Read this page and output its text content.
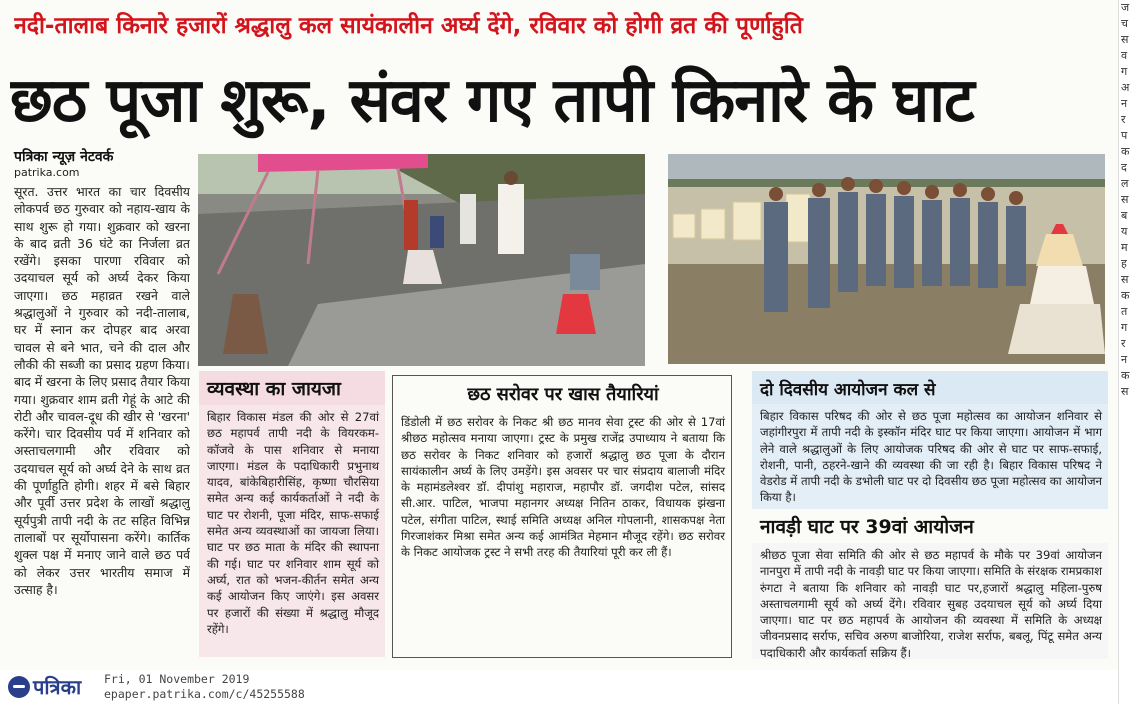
नदी-तालाब किनारे हजारों श्रद्धालु कल सायंकालीन अर्घ्य देंगे, रविवार को होगी व्रत की पूर्णाहुति
छठ पूजा शुरू, संवर गए तापी किनारे के घाट
पत्रिका न्यूज़ नेटवर्क
patrika.com
सूरत. उत्तर भारत का चार दिवसीय लोकपर्व छठ गुरुवार को नहाय-खाय के साथ शुरू हो गया। शुक्रवार को खरना के बाद व्रती 36 घंटे का निर्जला व्रत रखेंगे। इसका पारणा रविवार को उदयाचल सूर्य को अर्घ्य देकर किया जाएगा। छठ महाव्रत रखने वाले श्रद्धालुओं ने गुरुवार को नदी-तालाब, घर में स्नान कर दोपहर बाद अरवा चावल से बने भात, चने की दाल और लौकी की सब्जी का प्रसाद ग्रहण किया। बाद में खरना के लिए प्रसाद तैयार किया गया। शुक्रवार शाम व्रती गेहूं के आटे की रोटी और चावल-दूध की खीर से 'खरना' करेंगे। चार दिवसीय पर्व में शनिवार को अस्ताचलगामी और रविवार को उदयाचल सूर्य को अर्घ्य देने के साथ व्रत की पूर्णाहुति होगी। शहर में बसे बिहार और पूर्वी उत्तर प्रदेश के लाखों श्रद्धालु सूर्यपुत्री तापी नदी के तट सहित विभिन्न तालाबों पर सूर्योपासना करेंगे। कार्तिक शुक्ल पक्ष में मनाए जाने वाले छठ पर्व को लेकर उत्तर भारतीय समाज में उत्साह है।
व्यवस्था का जायजा
बिहार विकास मंडल की ओर से 27वां छठ महापर्व तापी नदी के वियरकम-कॉजवे के पास शनिवार से मनाया जाएगा। मंडल के पदाधिकारी प्रभुनाथ यादव, बांकेबिहारीसिंह, कृष्णा चौरसिया समेत अन्य कई कार्यकर्ताओं ने नदी के घाट पर रोशनी, पूजा मंदिर, साफ-सफाई समेत अन्य व्यवस्थाओं का जायजा लिया। घाट पर छठ माता के मंदिर की स्थापना की गई। घाट पर शनिवार शाम सूर्य को अर्घ्य, रात को भजन-कीर्तन समेत अन्य कई आयोजन किए जाएंगे। इस अवसर पर हजारों की संख्या में श्रद्धालु मौजूद रहेंगे।
छठ सरोवर पर खास तैयारियां
डिंडोली में छठ सरोवर के निकट श्री छठ मानव सेवा ट्रस्ट की ओर से 17वां श्रीछठ महोत्सव मनाया जाएगा। ट्रस्ट के प्रमुख राजेंद्र उपाध्याय ने बताया कि छठ सरोवर के निकट शनिवार को हजारों श्रद्धालु छठ पूजा के दौरान सायंकालीन अर्घ्य के लिए उमड़ेंगे। इस अवसर पर चार संप्रदाय बालाजी मंदिर के महामंडलेश्वर डॉ. दीपांशु महाराज, महापौर डॉ. जगदीश पटेल, सांसद सी.आर. पाटिल, भाजपा महानगर अध्यक्ष नितिन ठाकर, विधायक झंखना पटेल, संगीता पाटिल, स्थाई समिति अध्यक्ष अनिल गोपलानी, शासकपक्ष नेता गिरजाशंकर मिश्रा समेत अन्य कई आमंत्रित मेहमान मौजूद रहेंगे। छठ सरोवर के निकट आयोजक ट्रस्ट ने सभी तरह की तैयारियां पूरी कर ली हैं।
दो दिवसीय आयोजन कल से
बिहार विकास परिषद की ओर से छठ पूजा महोत्सव का आयोजन शनिवार से जहांगीरपुरा में तापी नदी के इस्कॉन मंदिर घाट पर किया जाएगा। आयोजन में भाग लेने वाले श्रद्धालुओं के लिए आयोजक परिषद की ओर से घाट पर साफ-सफाई, रोशनी, पानी, ठहरने-खाने की व्यवस्था की जा रही है। बिहार विकास परिषद ने वेडरोड में तापी नदी के डभोली घाट पर दो दिवसीय छठ पूजा महोत्सव का आयोजन किया है।
नावड़ी घाट पर 39वां आयोजन
श्रीछठ पूजा सेवा समिति की ओर से छठ महापर्व के मौके पर 39वां आयोजन नानपुरा में तापी नदी के नावड़ी घाट पर किया जाएगा। समिति के संरक्षक रामप्रकाश रुंगटा ने बताया कि शनिवार को नावड़ी घाट पर,हजारों श्रद्धालु महिला-पुरुष अस्ताचलगामी सूर्य को अर्घ्य देंगे। रविवार सुबह उदयाचल सूर्य को अर्घ्य दिया जाएगा। घाट पर छठ महापर्व के आयोजन की व्यवस्था में समिति के अध्यक्ष जीवनप्रसाद सर्राफ, सचिव अरुण बाजोरिया, राजेश सर्राफ, बबलू, पिंटू समेत अन्य पदाधिकारी और कार्यकर्ता सक्रिय हैं।
ज
च
स
व
ग
अ
न
र
प
क
द
ल
स
ब
य
म
ह
स
क
त
ग
र
न
क
स
पत्रिका Fri, 01 November 2019
epaper.patrika.com/c/45255588
